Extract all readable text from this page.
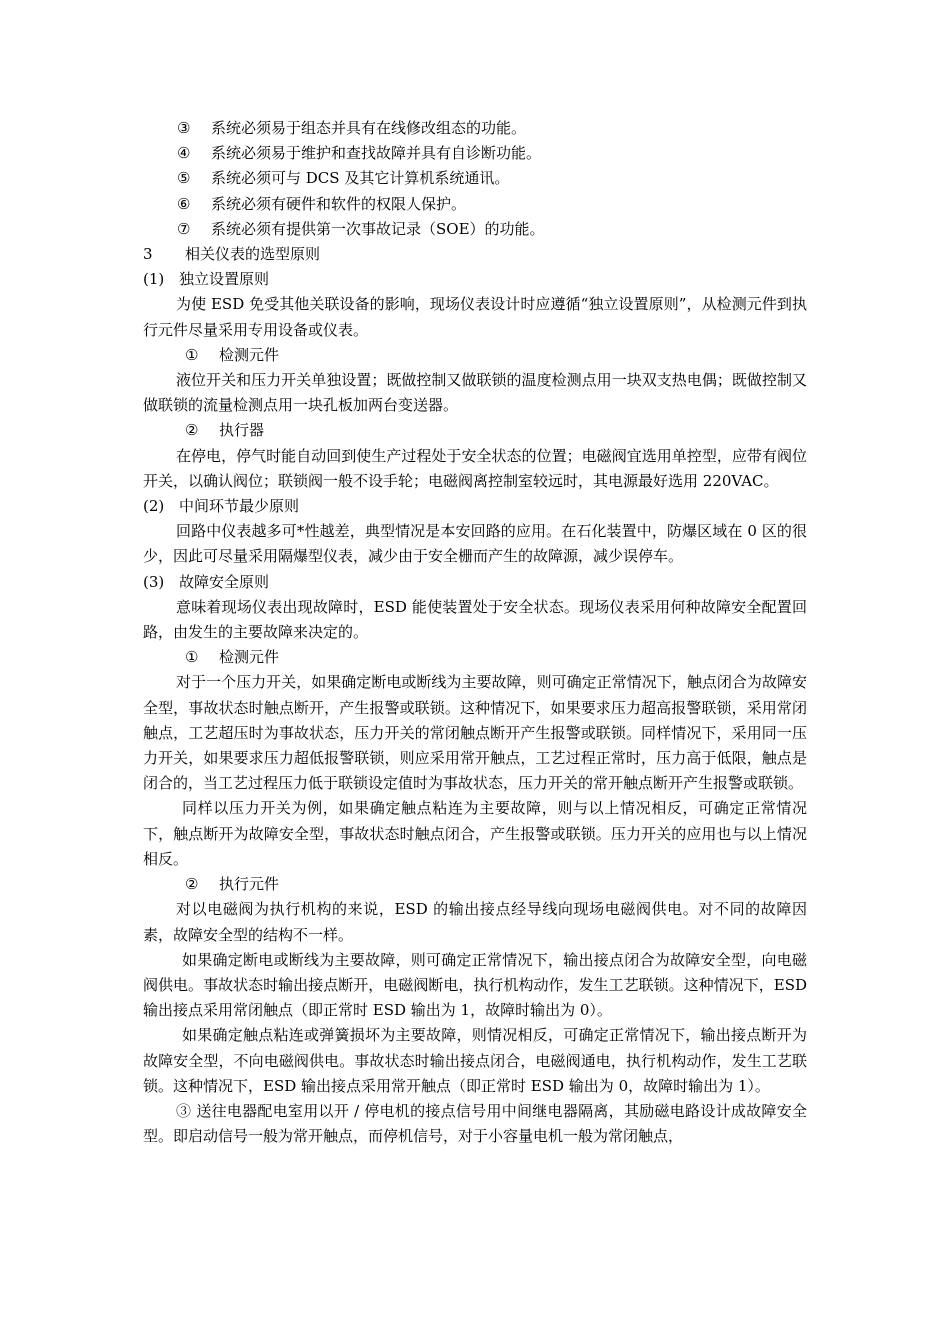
③ 系统必须易于组态并具有在线修改组态的功能。

④ 系统必须易于维护和查找故障并具有自诊断功能。

⑤ 系统必须可与 DCS 及其它计算机系统通讯。

⑥ 系统必须有硬件和软件的权限人保护。

⑦ 系统必须有提供第一次事故记录（SOE）的功能。

3 相关仪表的选型原则

(1) 独立设置原则

为使 ESD 免受其他关联设备的影响，现场仪表设计时应遵循“独立设置原则”，从检测元件到执行元件尽量采用专用设备或仪表。

① 检测元件

液位开关和压力开关单独设置；既做控制又做联锁的温度检测点用一块双支热电偶；既做控制又做联锁的流量检测点用一块孔板加两台变送器。

② 执行器

在停电，停气时能自动回到使生产过程处于安全状态的位置；电磁阀宜选用单控型，应带有阀位开关，以确认阀位；联锁阀一般不设手轮；电磁阀离控制室较远时，其电源最好选用 220VAC。

(2) 中间环节最少原则

回路中仪表越多可*性越差，典型情况是本安回路的应用。在石化装置中，防爆区域在 0 区的很少，因此可尽量采用隔爆型仪表，减少由于安全栅而产生的故障源，减少误停车。

(3) 故障安全原则

意味着现场仪表出现故障时，ESD 能使装置处于安全状态。现场仪表采用何种故障安全配置回路，由发生的主要故障来决定的。

① 检测元件

对于一个压力开关，如果确定断电或断线为主要故障，则可确定正常情况下，触点闭合为故障安全型，事故状态时触点断开，产生报警或联锁。这种情况下，如果要求压力超高报警联锁，采用常闭触点，工艺超压时为事故状态，压力开关的常闭触点断开产生报警或联锁。同样情况下，采用同一压力开关，如果要求压力超低报警联锁，则应采用常开触点，工艺过程正常时，压力高于低限，触点是闭合的，当工艺过程压力低于联锁设定值时为事故状态，压力开关的常开触点断开产生报警或联锁。

同样以压力开关为例，如果确定触点粘连为主要故障，则与以上情况相反，可确定正常情况下，触点断开为故障安全型，事故状态时触点闭合，产生报警或联锁。压力开关的应用也与以上情况相反。

② 执行元件

对以电磁阀为执行机构的来说，ESD 的输出接点经导线向现场电磁阀供电。对不同的故障因素，故障安全型的结构不一样。

如果确定断电或断线为主要故障，则可确定正常情况下，输出接点闭合为故障安全型，向电磁阀供电。事故状态时输出接点断开，电磁阀断电，执行机构动作，发生工艺联锁。这种情况下，ESD 输出接点采用常闭触点（即正常时 ESD 输出为 1，故障时输出为 0）。

如果确定触点粘连或弹簧损坏为主要故障，则情况相反，可确定正常情况下，输出接点断开为故障安全型，不向电磁阀供电。事故状态时输出接点闭合，电磁阀通电，执行机构动作，发生工艺联锁。这种情况下，ESD 输出接点采用常开触点（即正常时 ESD 输出为 0，故障时输出为 1）。

③ 送往电器配电室用以开 / 停电机的接点信号用中间继电器隔离，其励磁电路设计成故障安全型。即启动信号一般为常开触点，而停机信号，对于小容量电机一般为常闭触点，
